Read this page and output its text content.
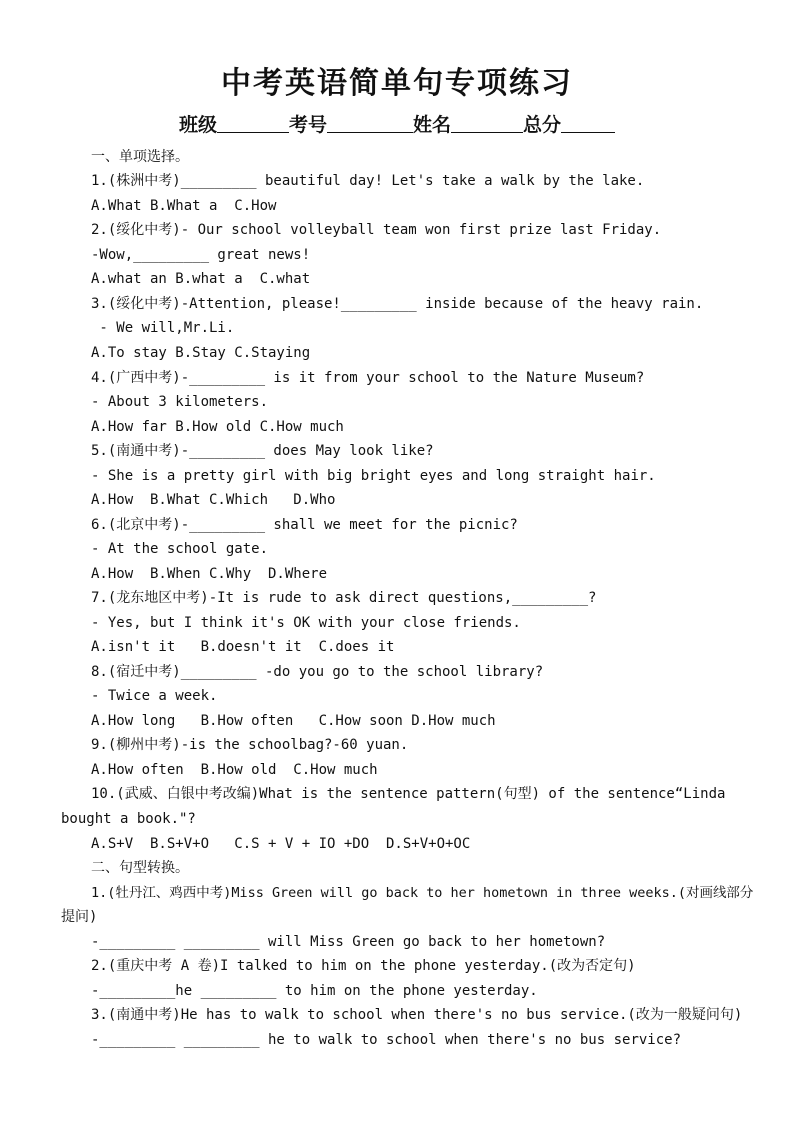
中考英语简单句专项练习
班级	考号	姓名	总分
一、单项选择。
1.(株洲中考)_________ beautiful day! Let's take a walk by the lake.
A.What B.What a  C.How
2.(绥化中考)- Our school volleyball team won first prize last Friday.
-Wow,_________ great news!
A.what an B.what a  C.what
3.(绥化中考)-Attention, please!_________ inside because of the heavy rain.
- We will,Mr.Li.
A.To stay B.Stay C.Staying
4.(广西中考)-_________ is it from your school to the Nature Museum?
- About 3 kilometers.
A.How far B.How old C.How much
5.(南通中考)-_________ does May look like?
- She is a pretty girl with big bright eyes and long straight hair.
A.How  B.What C.Which   D.Who
6.(北京中考)-_________ shall we meet for the picnic?
- At the school gate.
A.How  B.When C.Why  D.Where
7.(龙东地区中考)-It is rude to ask direct questions,_________?
- Yes, but I think it's OK with your close friends.
A.isn't it   B.doesn't it  C.does it
8.(宿迁中考)_________ -do you go to the school library?
- Twice a week.
A.How long   B.How often   C.How soon D.How much
9.(柳州中考)-is the schoolbag?-60 yuan.
A.How often  B.How old  C.How much
10.(武威、白银中考改编)What is the sentence pattern(句型) of the sentence“Linda
bought a book."?
A.S+V  B.S+V+O   C.S + V + IO +DO  D.S+V+O+OC
二、句型转换。
1.(牡丹江、鸡西中考)Miss Green will go back to her hometown in three weeks.(对画线部分
提问)
-_________ _________ will Miss Green go back to her hometown?
2.(重庆中考 A 卷)I talked to him on the phone yesterday.(改为否定句)
-_________he _________ to him on the phone yesterday.
3.(南通中考)He has to walk to school when there's no bus service.(改为一般疑问句)
-_________ _________ he to walk to school when there's no bus service?
